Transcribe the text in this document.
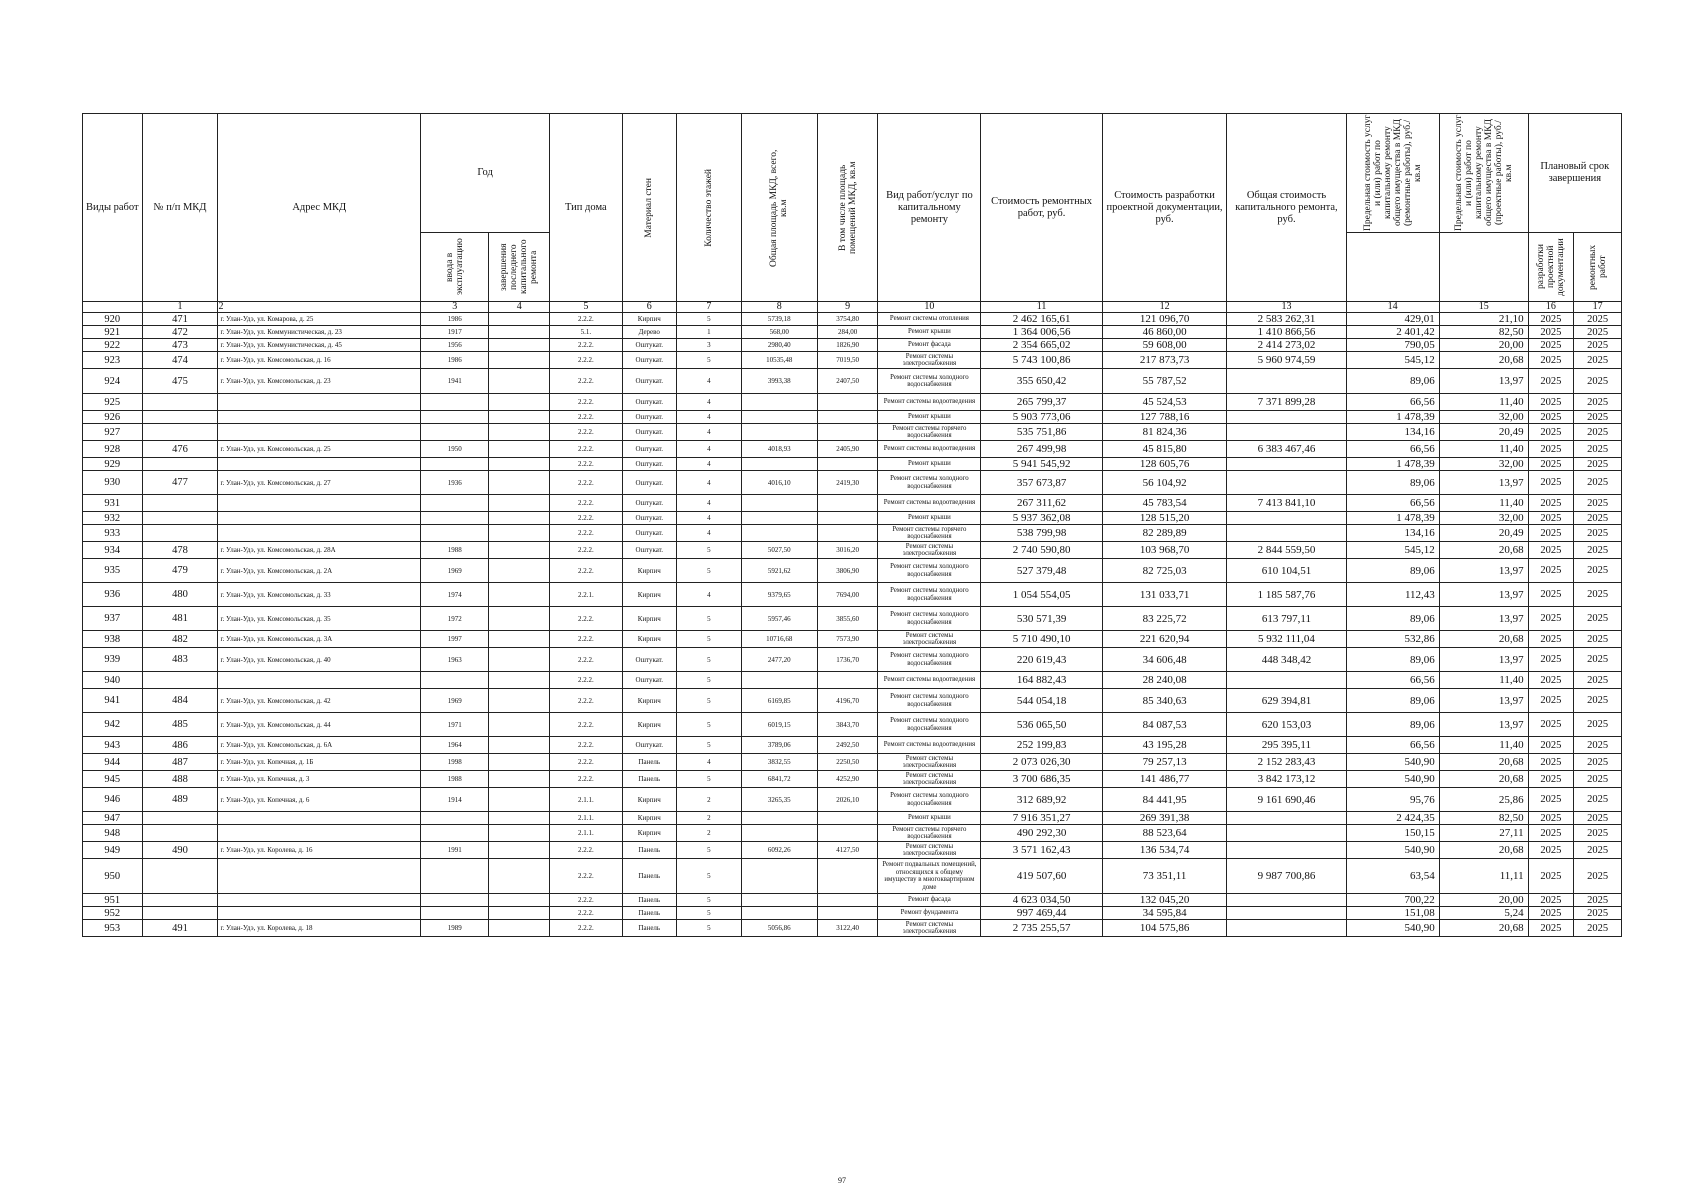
Виды работ	№ п/п МКД	Адрес МКД	Год		Тип дома	Материал стен	Количество этажей	Общая площадь МКД, всего, кв.м	В том числе площадь помещений МКД, кв.м	Вид работ/услуг по капитальному ремонту	Стоимость ремонтных работ, руб.	Стоимость разработки проектной документации, руб.	Общая стоимость капитального ремонта, руб.	Предельная стоимость услуг и (или) работ по капитальному ремонту общего имущества в МКД (ремонтные работы), руб./кв.м	Предельная стоимость услуг и (или) работ по капитальному ремонту общего имущества в МКД (проектные работы), руб./кв.м	Плановый срок завершения	

			ввода в эксплуатацию	завершения последнего капитального ремонта												разработки проектной документации	ремонтных работ

	1	2	3	4	5	6	7	8	9	10	11	12	13	14	15	16	17
920	471	г. Улан-Удэ, ул. Комарова, д. 25	1986		2.2.2.	Кирпич	5	5739,18	3754,80	Ремонт системы отопления	2 462 165,61	121 096,70	2 583 262,31	429,01	21,10	2025	2025
921	472	г. Улан-Удэ, ул. Коммунистическая, д. 23	1917		5.1.	Дерево	1	568,00	284,00	Ремонт крыши	1 364 006,56	46 860,00	1 410 866,56	2 401,42	82,50	2025	2025
922	473	г. Улан-Удэ, ул. Коммунистическая, д. 45	1956		2.2.2.	Оштукат.	3	2980,40	1826,90	Ремонт фасада	2 354 665,02	59 608,00	2 414 273,02	790,05	20,00	2025	2025
923	474	г. Улан-Удэ, ул. Комсомольская, д. 16	1986		2.2.2.	Оштукат.	5	10535,48	7019,50	Ремонт системы электроснабжения	5 743 100,86	217 873,73	5 960 974,59	545,12	20,68	2025	2025
924	475	г. Улан-Удэ, ул. Комсомольская, д. 23	1941		2.2.2.	Оштукат.	4	3993,38	2407,50	Ремонт системы холодного водоснабжения	355 650,42	55 787,52		89,06	13,97	2025	2025
925					2.2.2.	Оштукат.	4			Ремонт системы водоотведения	265 799,37	45 524,53	7 371 899,28	66,56	11,40	2025	2025
926					2.2.2.	Оштукат.	4			Ремонт крыши	5 903 773,06	127 788,16		1 478,39	32,00	2025	2025
927					2.2.2.	Оштукат.	4			Ремонт системы горячего водоснабжения	535 751,86	81 824,36		134,16	20,49	2025	2025
928	476	г. Улан-Удэ, ул. Комсомольская, д. 25	1950		2.2.2.	Оштукат.	4	4018,93	2405,90	Ремонт системы водоотведения	267 499,98	45 815,80	6 383 467,46	66,56	11,40	2025	2025
929					2.2.2.	Оштукат.	4			Ремонт крыши	5 941 545,92	128 605,76		1 478,39	32,00	2025	2025
930	477	г. Улан-Удэ, ул. Комсомольская, д. 27	1936		2.2.2.	Оштукат.	4	4016,10	2419,30	Ремонт системы холодного водоснабжения	357 673,87	56 104,92		89,06	13,97	2025	2025
931					2.2.2.	Оштукат.	4			Ремонт системы водоотведения	267 311,62	45 783,54	7 413 841,10	66,56	11,40	2025	2025
932					2.2.2.	Оштукат.	4			Ремонт крыши	5 937 362,08	128 515,20		1 478,39	32,00	2025	2025
933					2.2.2.	Оштукат.	4			Ремонт системы горячего водоснабжения	538 799,98	82 289,89		134,16	20,49	2025	2025
934	478	г. Улан-Удэ, ул. Комсомольская, д. 28А	1988		2.2.2.	Оштукат.	5	5027,50	3016,20	Ремонт системы электроснабжения	2 740 590,80	103 968,70	2 844 559,50	545,12	20,68	2025	2025
935	479	г. Улан-Удэ, ул. Комсомольская, д. 2А	1969		2.2.2.	Кирпич	5	5921,62	3806,90	Ремонт системы холодного водоснабжения	527 379,48	82 725,03	610 104,51	89,06	13,97	2025	2025
936	480	г. Улан-Удэ, ул. Комсомольская, д. 33	1974		2.2.1.	Кирпич	4	9379,65	7694,00	Ремонт системы холодного водоснабжения	1 054 554,05	131 033,71	1 185 587,76	112,43	13,97	2025	2025
937	481	г. Улан-Удэ, ул. Комсомольская, д. 35	1972		2.2.2.	Кирпич	5	5957,46	3855,60	Ремонт системы холодного водоснабжения	530 571,39	83 225,72	613 797,11	89,06	13,97	2025	2025
938	482	г. Улан-Удэ, ул. Комсомольская, д. 3А	1997		2.2.2.	Кирпич	5	10716,68	7573,90	Ремонт системы электроснабжения	5 710 490,10	221 620,94	5 932 111,04	532,86	20,68	2025	2025
939	483	г. Улан-Удэ, ул. Комсомольская, д. 40	1963		2.2.2.	Оштукат.	5	2477,20	1736,70	Ремонт системы холодного водоснабжения	220 619,43	34 606,48	448 348,42	89,06	13,97	2025	2025
940					2.2.2.	Оштукат.	5			Ремонт системы водоотведения	164 882,43	28 240,08		66,56	11,40	2025	2025
941	484	г. Улан-Удэ, ул. Комсомольская, д. 42	1969		2.2.2.	Кирпич	5	6169,85	4196,70	Ремонт системы холодного водоснабжения	544 054,18	85 340,63	629 394,81	89,06	13,97	2025	2025
942	485	г. Улан-Удэ, ул. Комсомольская, д. 44	1971		2.2.2.	Кирпич	5	6019,15	3843,70	Ремонт системы холодного водоснабжения	536 065,50	84 087,53	620 153,03	89,06	13,97	2025	2025
943	486	г. Улан-Удэ, ул. Комсомольская, д. 6А	1964		2.2.2.	Оштукат.	5	3789,06	2492,50	Ремонт системы водоотведения	252 199,83	43 195,28	295 395,11	66,56	11,40	2025	2025
944	487	г. Улан-Удэ, ул. Копечная, д. 1Б	1998		2.2.2.	Панель	4	3832,55	2250,50	Ремонт системы электроснабжения	2 073 026,30	79 257,13	2 152 283,43	540,90	20,68	2025	2025
945	488	г. Улан-Удэ, ул. Копечная, д. 3	1988		2.2.2.	Панель	5	6841,72	4252,90	Ремонт системы электроснабжения	3 700 686,35	141 486,77	3 842 173,12	540,90	20,68	2025	2025
946	489	г. Улан-Удэ, ул. Копечная, д. 6	1914		2.1.1.	Кирпич	2	3265,35	2026,10	Ремонт системы холодного водоснабжения	312 689,92	84 441,95	9 161 690,46	95,76	25,86	2025	2025
947					2.1.1.	Кирпич	2			Ремонт крыши	7 916 351,27	269 391,38		2 424,35	82,50	2025	2025
948					2.1.1.	Кирпич	2			Ремонт системы горячего водоснабжения	490 292,30	88 523,64		150,15	27,11	2025	2025
949	490	г. Улан-Удэ, ул. Королева, д. 16	1991		2.2.2.	Панель	5	6092,26	4127,50	Ремонт системы электроснабжения	3 571 162,43	136 534,74		540,90	20,68	2025	2025
950					2.2.2.	Панель	5			Ремонт подвальных помещений, относящихся к общему имуществу в многоквартирном доме	419 507,60	73 351,11	9 987 700,86	63,54	11,11	2025	2025
951					2.2.2.	Панель	5			Ремонт фасада	4 623 034,50	132 045,20		700,22	20,00	2025	2025
952					2.2.2.	Панель	5			Ремонт фундамента	997 469,44	34 595,84		151,08	5,24	2025	2025
953	491	г. Улан-Удэ, ул. Королева, д. 18	1989		2.2.2.	Панель	5	5056,86	3122,40	Ремонт системы электроснабжения	2 735 255,57	104 575,86		540,90	20,68	2025	2025
97
